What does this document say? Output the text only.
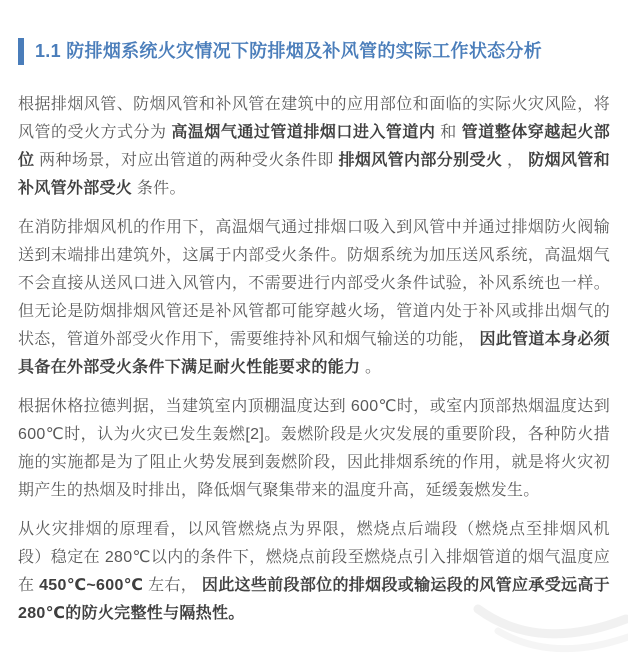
1.1 防排烟系统火灾情况下防排烟及补风管的实际工作状态分析

根据排烟风管、防烟风管和补风管在建筑中的应用部位和面临的实际火灾风险，将风管的受火方式分为 高温烟气通过管道排烟口进入管道内 和 管道整体穿越起火部位 两种场景，对应出管道的两种受火条件即 排烟风管内部分别受火 ， 防烟风管和补风管外部受火 条件。

在消防排烟风机的作用下，高温烟气通过排烟口吸入到风管中并通过排烟防火阀输送到末端排出建筑外，这属于内部受火条件。防烟系统为加压送风系统，高温烟气不会直接从送风口进入风管内，不需要进行内部受火条件试验，补风系统也一样。但无论是防烟排烟风管还是补风管都可能穿越火场，管道内处于补风或排出烟气的状态，管道外部受火作用下，需要维持补风和烟气输送的功能， 因此管道本身必须具备在外部受火条件下满足耐火性能要求的能力 。

根据休格拉德判据，当建筑室内顶棚温度达到 600℃时，或室内顶部热烟温度达到 600℃时，认为火灾已发生轰燃[2]。轰燃阶段是火灾发展的重要阶段，各种防火措施的实施都是为了阻止火势发展到轰燃阶段，因此排烟系统的作用，就是将火灾初期产生的热烟及时排出，降低烟气聚集带来的温度升高，延缓轰燃发生。

从火灾排烟的原理看，以风管燃烧点为界限，燃烧点后端段（燃烧点至排烟风机段）稳定在 280℃以内的条件下，燃烧点前段至燃烧点引入排烟管道的烟气温度应在 450℃~600℃ 左右， 因此这些前段部位的排烟段或输运段的风管应承受远高于280℃的防火完整性与隔热性。
